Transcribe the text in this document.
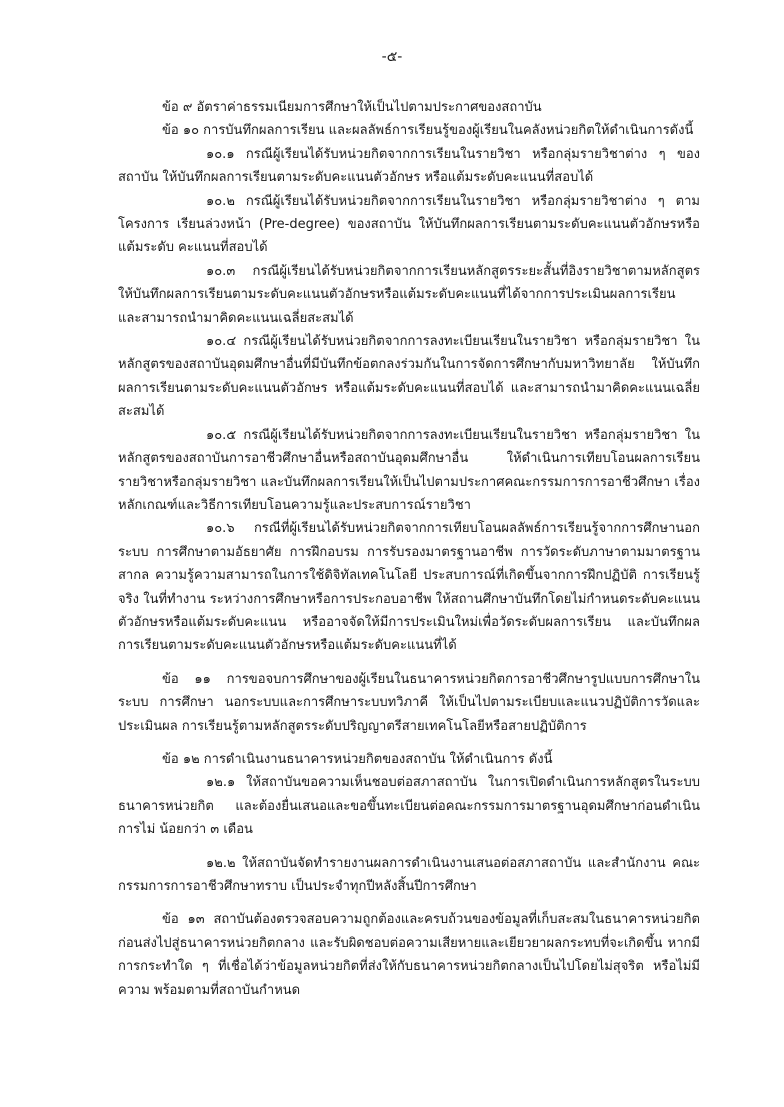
-๕-

ข้อ ๙ อัตราค่าธรรมเนียมการศึกษาให้เป็นไปตามประกาศของสถาบัน

ข้อ ๑๐ การบันทึกผลการเรียน และผลลัพธ์การเรียนรู้ของผู้เรียนในคลังหน่วยกิตให้ดำเนินการดังนี้

๑๐.๑ กรณีผู้เรียนได้รับหน่วยกิตจากการเรียนในรายวิชา หรือกลุ่มรายวิชาต่าง ๆ ของสถาบัน ให้บันทึกผลการเรียนตามระดับคะแนนตัวอักษร หรือแต้มระดับคะแนนที่สอบได้

๑๐.๒ กรณีผู้เรียนได้รับหน่วยกิตจากการเรียนในรายวิชา หรือกลุ่มรายวิชาต่าง ๆ ตามโครงการ เรียนล่วงหน้า (Pre-degree) ของสถาบัน ให้บันทึกผลการเรียนตามระดับคะแนนตัวอักษรหรือแต้มระดับ คะแนนที่สอบได้

๑๐.๓ กรณีผู้เรียนได้รับหน่วยกิตจากการเรียนหลักสูตรระยะสั้นที่อิงรายวิชาตามหลักสูตร ให้บันทึกผลการเรียนตามระดับคะแนนตัวอักษรหรือแต้มระดับคะแนนที่ได้จากการประเมินผลการเรียน และสามารถนำมาคิดคะแนนเฉลี่ยสะสมได้

๑๐.๔ กรณีผู้เรียนได้รับหน่วยกิตจากการลงทะเบียนเรียนในรายวิชา หรือกลุ่มรายวิชา ในหลักสูตรของสถาบันอุดมศึกษาอื่นที่มีบันทึกข้อตกลงร่วมกันในการจัดการศึกษากับมหาวิทยาลัย ให้บันทึก ผลการเรียนตามระดับคะแนนตัวอักษร หรือแต้มระดับคะแนนที่สอบได้ และสามารถนำมาคิดคะแนนเฉลี่ย สะสมได้

๑๐.๕ กรณีผู้เรียนได้รับหน่วยกิตจากการลงทะเบียนเรียนในรายวิชา หรือกลุ่มรายวิชา ในหลักสูตรของสถาบันการอาชีวศึกษาอื่นหรือสถาบันอุดมศึกษาอื่น ให้ดำเนินการเทียบโอนผลการเรียน รายวิชาหรือกลุ่มรายวิชา และบันทึกผลการเรียนให้เป็นไปตามประกาศคณะกรรมการการอาชีวศึกษา เรื่อง หลักเกณฑ์และวิธีการเทียบโอนความรู้และประสบการณ์รายวิชา

๑๐.๖ กรณีที่ผู้เรียนได้รับหน่วยกิตจากการเทียบโอนผลลัพธ์การเรียนรู้จากการศึกษานอกระบบ การศึกษาตามอัธยาศัย การฝึกอบรม การรับรองมาตรฐานอาชีพ การวัดระดับภาษาตามมาตรฐานสากล ความรู้ความสามารถในการใช้ดิจิทัลเทคโนโลยี ประสบการณ์ที่เกิดขึ้นจากการฝึกปฏิบัติ การเรียนรู้จริง ในที่ทำงาน ระหว่างการศึกษาหรือการประกอบอาชีพ ให้สถานศึกษาบันทึกโดยไม่กำหนดระดับคะแนน ตัวอักษรหรือแต้มระดับคะแนน หรืออาจจัดให้มีการประเมินใหม่เพื่อวัดระดับผลการเรียน และบันทึกผล การเรียนตามระดับคะแนนตัวอักษรหรือแต้มระดับคะแนนที่ได้

ข้อ ๑๑ การขอจบการศึกษาของผู้เรียนในธนาคารหน่วยกิตการอาชีวศึกษารูปแบบการศึกษาในระบบ การศึกษา นอกระบบและการศึกษาระบบทวิภาคี ให้เป็นไปตามระเบียบและแนวปฏิบัติการวัดและประเมินผล การเรียนรู้ตามหลักสูตรระดับปริญญาตรีสายเทคโนโลยีหรือสายปฏิบัติการ

ข้อ ๑๒ การดำเนินงานธนาคารหน่วยกิตของสถาบัน ให้ดำเนินการ ดังนี้

๑๒.๑ ให้สถาบันขอความเห็นชอบต่อสภาสถาบัน ในการเปิดดำเนินการหลักสูตรในระบบ ธนาคารหน่วยกิต และต้องยื่นเสนอและขอขึ้นทะเบียนต่อคณะกรรมการมาตรฐานอุดมศึกษาก่อนดำเนินการไม่ น้อยกว่า ๓ เดือน

๑๒.๒ ให้สถาบันจัดทำรายงานผลการดำเนินงานเสนอต่อสภาสถาบัน และสำนักงาน คณะกรรมการการอาชีวศึกษาทราบ เป็นประจำทุกปีหลังสิ้นปีการศึกษา

ข้อ ๑๓ สถาบันต้องตรวจสอบความถูกต้องและครบถ้วนของข้อมูลที่เก็บสะสมในธนาคารหน่วยกิต ก่อนส่งไปสู่ธนาคารหน่วยกิตกลาง และรับผิดชอบต่อความเสียหายและเยียวยาผลกระทบที่จะเกิดขึ้น หากมี การกระทำใด ๆ ที่เชื่อได้ว่าข้อมูลหน่วยกิตที่ส่งให้กับธนาคารหน่วยกิตกลางเป็นไปโดยไม่สุจริต หรือไม่มีความ พร้อมตามที่สถาบันกำหนด
